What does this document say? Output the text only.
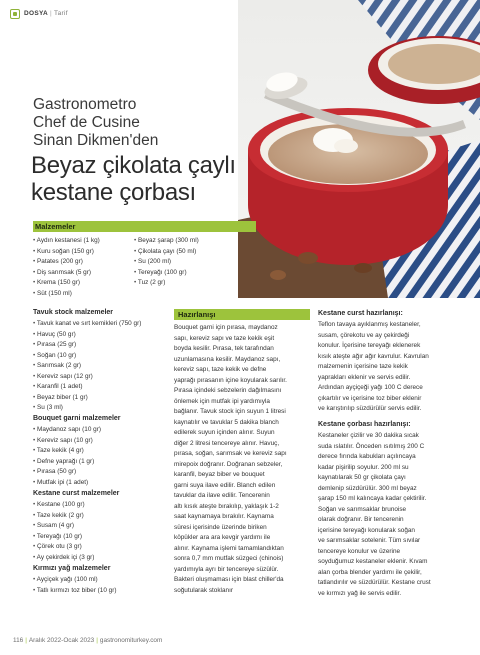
DOSYA | Tarif
Gastronometro
Chef de Cusine
Sinan Dikmen'den
Beyaz çikolata çaylı
kestane çorbası
Malzemeler
• Aydın kestanesi (1 kg)
• Kuru soğan (150 gr)
• Patates (200 gr)
• Diş sarımsak (5 gr)
• Krema (150 gr)
• Süt (150 ml)
• Beyaz şarap (300 ml)
• Çikolata çayı (50 ml)
• Su (200 ml)
• Tereyağı (100 gr)
• Tuz (2 gr)
Tavuk stock malzemeler
• Tavuk kanat ve sırt kemikleri (750 gr)
• Havuç (50 gr)
• Pırasa (25 gr)
• Soğan (10 gr)
• Sarımsak (2 gr)
• Kereviz sapı (12 gr)
• Karanfil (1 adet)
• Beyaz biber (1 gr)
• Su (3 ml)
Bouquet garni malzemeler
• Maydanoz sapı (10 gr)
• Kereviz sapı (10 gr)
• Taze kekik (4 gr)
• Defne yaprağı (1 gr)
• Pırasa (50 gr)
• Mutfak ipi (1 adet)
Kestane curst malzemeler
• Kestane (100 gr)
• Taze kekik (2 gr)
• Susam (4 gr)
• Tereyağı (10 gr)
• Çörek otu (3 gr)
• Ay çekirdek içi (3 gr)
Kırmızı yağ malzemeler
• Ayçiçek yağı (100 ml)
• Tatlı kırmızı toz biber (10 gr)
Hazırlanışı
Bouquet garni için pırasa, maydanoz
sapı, kereviz sapı ve taze kekik eşit
boyda kesilir. Pırasa, tek tarafından
uzunlamasına kesilir. Maydanoz sapı,
kereviz sapı, taze kekik ve defne
yaprağı pırasanın içine koyularak sarılır.
Pırasa içindeki sebzelerin dağılmasını
önlemek için mutfak ipi yardımıyla
bağlanır. Tavuk stock için suyun 1 litresi
kaynatılır ve tavuklar 5 dakika blanch
edilerek suyun içinden alınır. Suyun
diğer 2 litresi tencereye alınır. Havuç,
pırasa, soğan, sarımsak ve kereviz sapı
mirepoix doğranır. Doğranan sebzeler,
karanfil, beyaz biber ve bouquet
garni suya ilave edilir. Blanch edilen
tavuklar da ilave edilir. Tencerenin
altı kısık ateşte bırakılıp, yaklaşık 1-2
saat kaynamaya bırakılır. Kaynama
süresi içerisinde üzerinde biriken
köpükler ara ara kevgir yardımı ile
alınır. Kaynama işlemi tamamlandıktan
sonra 0,7 mm mutfak süzgeci (chinois)
yardımıyla ayrı bir tencereye süzülür.
Bakteri oluşmaması için blast chiller'da
soğutularak stoklanır
Kestane curst hazırlanışı:
Teflon tavaya ayıklanmış kestaneler,
susam, çörekotu ve ay çekirdeği
konulur. İçerisine tereyağı eklenerek
kısık ateşte ağır ağır kavrulur. Kavrulan
malzemenin içerisine taze kekik
yaprakları eklenir ve servis edilir.
Ardından ayçiçeği yağı 100 C derece
çıkartılır ve içerisine toz biber eklenir
ve karıştırılıp süzdürülür servis edilir.
Kestane çorbası hazırlanışı:
Kestaneler çizilir ve 30 dakika sıcak
suda ıslatılır. Önceden ısıtılmış 200 C
derece fırında kabukları açılıncaya
kadar pişirilip soyulur. 200 ml su
kaynatılarak 50 gr çikolata çayı
demlenip süzdürülür. 300 ml beyaz
şarap 150 ml kalıncaya kadar çektirilir.
Soğan ve sarımsaklar brunoise
olarak doğranır. Bir tencerenin
içerisine tereyağı konularak soğan
ve sarımsaklar sotelenir. Tüm sıvılar
tencereye konulur ve üzerine
soyduğumuz kestaneler eklenir. Kıvam
alan çorba blender yardımı ile çekilir,
tatlandırılır ve süzdürülür. Kestane crust
ve kırmızı yağ ile servis edilir.
116 | Aralık 2022-Ocak 2023 | gastronomiturkey.com
